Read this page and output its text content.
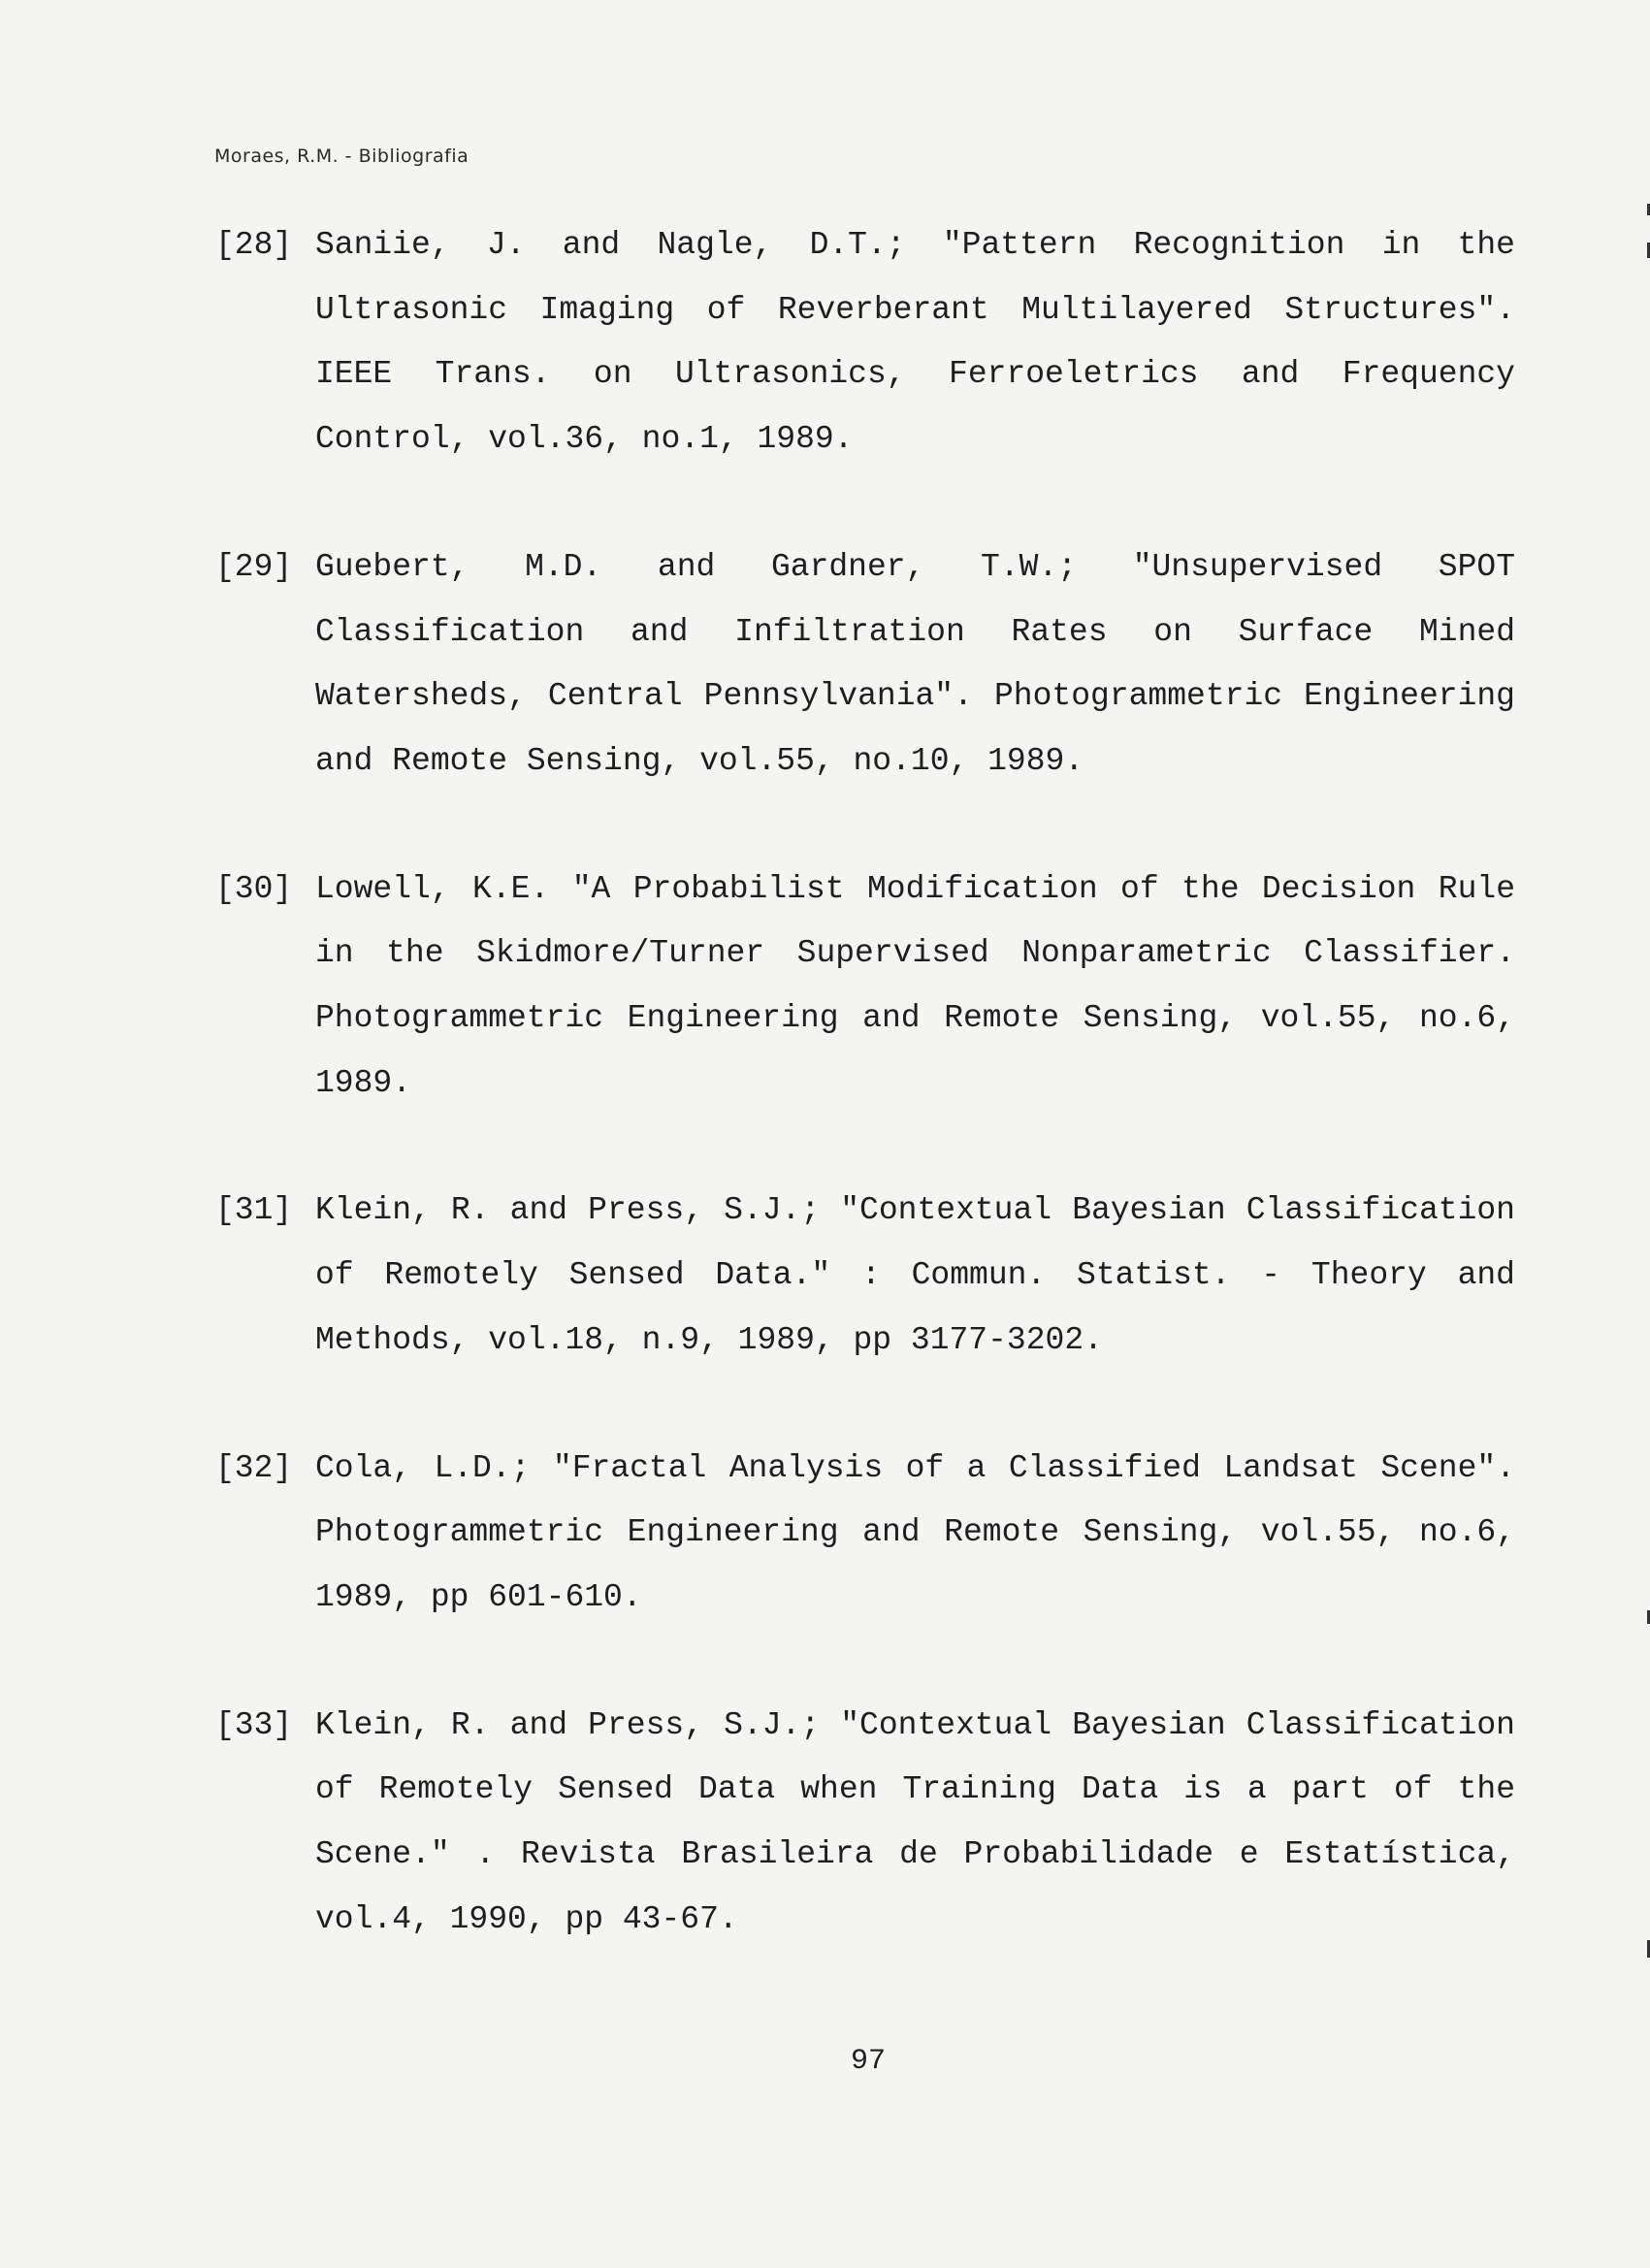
Moraes, R.M. - Bibliografia
[28] Saniie, J. and Nagle, D.T.; "Pattern Recognition in the Ultrasonic Imaging of Reverberant Multilayered Structures". IEEE Trans. on Ultrasonics, Ferroeletrics and Frequency Control, vol.36, no.1, 1989.
[29] Guebert, M.D. and Gardner, T.W.; "Unsupervised SPOT Classification and Infiltration Rates on Surface Mined Watersheds, Central Pennsylvania". Photogrammetric Engineering and Remote Sensing, vol.55, no.10, 1989.
[30] Lowell, K.E. "A Probabilist Modification of the Decision Rule in the Skidmore/Turner Supervised Nonparametric Classifier. Photogrammetric Engineering and Remote Sensing, vol.55, no.6, 1989.
[31] Klein, R. and Press, S.J.; "Contextual Bayesian Classification of Remotely Sensed Data." : Commun. Statist. - Theory and Methods, vol.18, n.9, 1989, pp 3177-3202.
[32] Cola, L.D.; "Fractal Analysis of a Classified Landsat Scene". Photogrammetric Engineering and Remote Sensing, vol.55, no.6, 1989, pp 601-610.
[33] Klein, R. and Press, S.J.; "Contextual Bayesian Classification of Remotely Sensed Data when Training Data is a part of the Scene." . Revista Brasileira de Probabilidade e Estatística, vol.4, 1990, pp 43-67.
97
